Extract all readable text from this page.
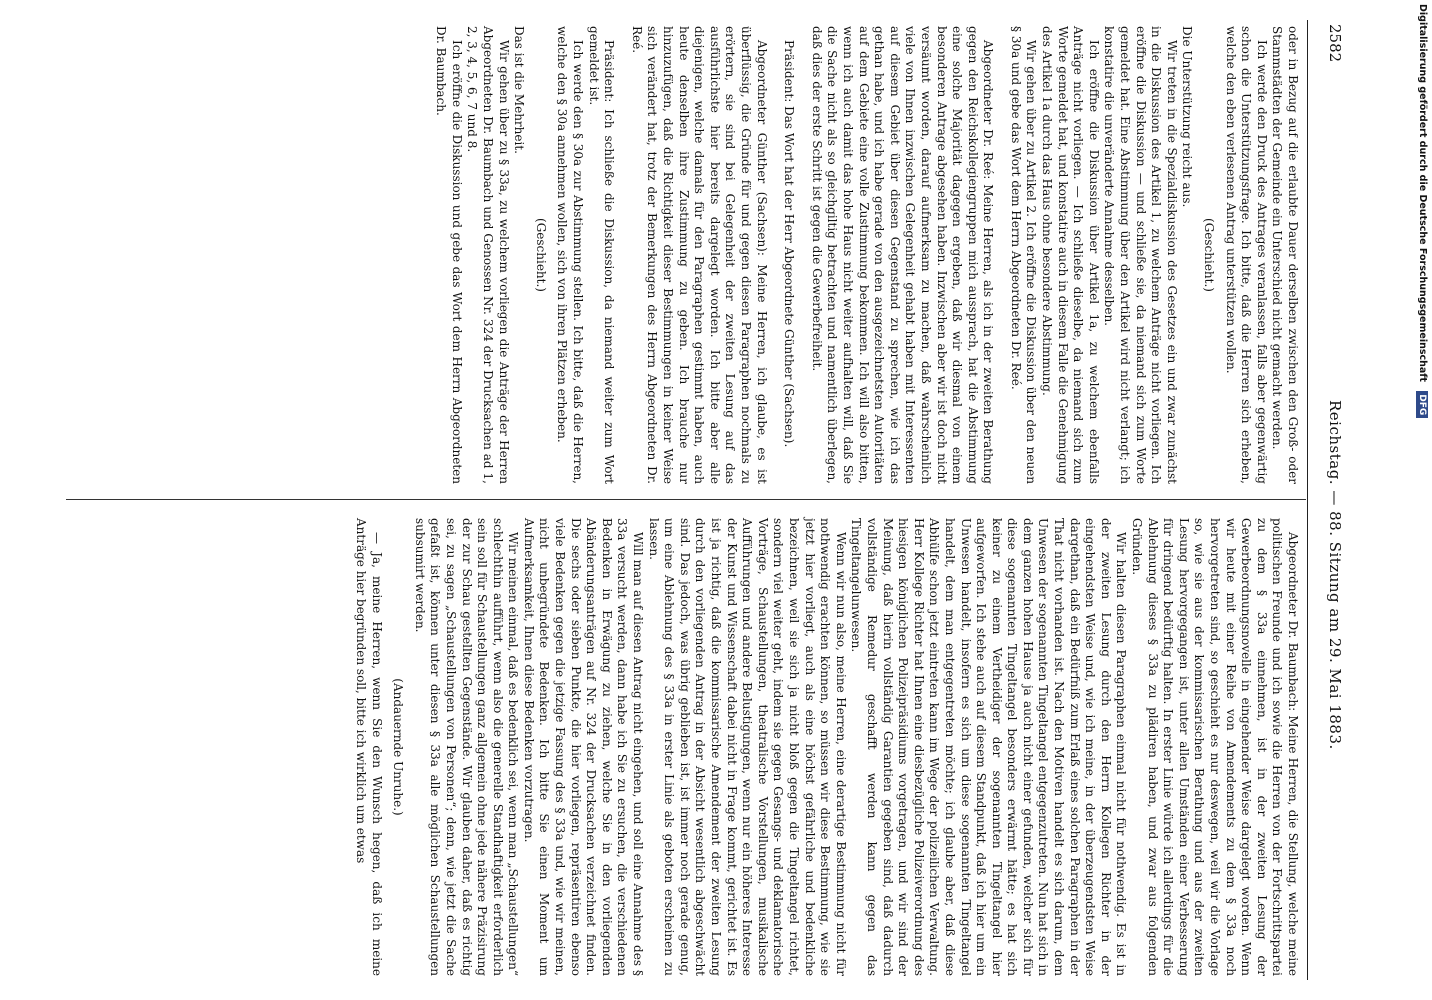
2582
Reichstag. — 88. Sitzung am 29. Mai 1883.

oder in Bezug auf die erlaubte Dauer derselben zwischen den Groß- oder Stammstädten der Gemeinde ein Unterschied nicht gemacht werden.

Ich werde den Druck des Antrages veranlassen, falls aber gegenwärtig schon die Unterstützungsfrage. Ich bitte, daß die Herren sich erheben, welche den eben verlesenen Antrag unterstützen wollen.

(Geschieht.)

Die Unterstützung reicht aus.

Wir treten in die Spezialdiskussion des Gesetzes ein und zwar zunächst in die Diskussion des Artikel 1, zu welchem Anträge nicht vorliegen. Ich eröffne die Diskussion — und schließe sie, da niemand sich zum Worte gemeldet hat. Eine Abstimmung über den Artikel wird nicht verlangt; ich konstatire die unveränderte Annahme desselben.

Ich eröffne die Diskussion über Artikel 1a, zu welchem ebenfalls Anträge nicht vorliegen. — Ich schließe dieselbe, da niemand sich zum Worte gemeldet hat, und konstatire auch in diesem Falle die Genehmigung des Artikel 1a durch das Haus ohne besondere Abstimmung.

Wir gehen über zu Artikel 2. Ich eröffne die Diskussion über den neuen § 30a und gebe das Wort dem Herrn Abgeordneten Dr. Reé.

Abgeordneter Dr. Reé: Meine Herren, als ich in der zweiten Berathung gegen den Reichskollegiengruppen mich aussprach, hat die Abstimmung eine solche Majorität dagegen ergeben, daß wir diesmal von einem besonderen Antrage abgesehen haben. Inzwischen aber wir ist doch nicht versäumt worden, darauf aufmerksam zu machen, daß wahrscheinlich viele von Ihnen inzwischen Gelegenheit gehabt haben mit Interessenten auf diesem Gebiet über diesen Gegenstand zu sprechen, wie ich das gethan habe, und ich habe gerade von den ausgezeichnetsten Autoritäten auf dem Gebiete eine volle Zustimmung bekommen. Ich will also bitten, wenn ich auch damit das hohe Haus nicht weiter aufhalten will, daß Sie die Sache nicht als so gleichgiltig betrachten und namentlich überlegen, daß dies der erste Schritt ist gegen die Gewerbefreiheit.

Präsident: Das Wort hat der Herr Abgeordnete Günther (Sachsen).

Abgeordneter Günther (Sachsen): Meine Herren, ich glaube, es ist überflüssig, die Gründe für und gegen diesen Paragraphen nochmals zu erörtern, sie sind bei Gelegenheit der zweiten Lesung auf das ausführlichste hier bereits dargelegt worden. Ich bitte aber alle diejenigen, welche damals für den Paragraphen gestimmt haben, auch heute denselben ihre Zustimmung zu geben. Ich brauche nur hinzuzufügen, daß die Richtigkeit dieser Bestimmungen in keiner Weise sich verändert hat, trotz der Bemerkungen des Herrn Abgeordneten Dr. Reé.

Präsident: Ich schließe die Diskussion, da niemand weiter zum Wort gemeldet ist.

Ich werde den § 30a zur Abstimmung stellen. Ich bitte, daß die Herren, welche den § 30a annehmen wollen, sich von ihren Plätzen erheben.

(Geschieht.)

Das ist die Mehrheit.

Wir gehen über zu § 33a, zu welchem vorliegen die Anträge der Herren Abgeordneten Dr. Baumbach und Genossen Nr. 324 der Drucksachen ad 1, 2, 3, 4, 5, 6, 7 und 8.

Ich eröffne die Diskussion und gebe das Wort dem Herrn Abgeordneten Dr. Baumbach.

Abgeordneter Dr. Baumbach: Meine Herren, die Stellung, welche meine politischen Freunde und ich sowie die Herren von der Fortschrittspartei zu dem § 33a einnehmen, ist in der zweiten Lesung der Gewerbeordnungsnovelle in eingehender Weise dargelegt worden. Wenn wir heute mit einer Reihe von Amendements zu dem § 33a noch hervorgetreten sind, so geschieht es nur deswegen, weil wir die Vorlage so, wie sie aus der kommissarischen Berathung und aus der zweiten Lesung hervorgegangen ist, unter allen Umständen einer Verbesserung für dringend bedürftig halten. In erster Linie würde ich allerdings für die Ablehnung dieses § 33a zu plädiren haben, und zwar aus folgenden Gründen.

Wir halten diesen Paragraphen einmal nicht für nothwendig. Es ist in der zweiten Lesung durch den Herrn Kollegen Richter in der eingehendsten Weise und, wie ich meine, in der überzeugendsten Weise dargethan, daß ein Bedürfniß zum Erlaß eines solchen Paragraphen in der That nicht vorhanden ist. Nach den Motiven handelt es sich darum, dem Unwesen der sogenannten Tingeltangel entgegenzutreten. Nun hat sich in dem ganzen hohen Hause ja auch nicht einer gefunden, welcher sich für diese sogenannten Tingeltangel besonders erwärmt hätte; es hat sich keiner zu einem Vertheidiger der sogenannten Tingeltangel hier aufgeworfen. Ich stehe auch auf diesem Standpunkt, daß ich hier um ein Unwesen handelt, insofern es sich um diese sogenannten Tingeltangel handelt, dem man entgegentreten möchte; ich glaube aber, daß diese Abhülfe schon jetzt eintreten kann im Wege der polizeilichen Verwaltung. Herr Kollege Richter hat Ihnen eine diesbezügliche Polizeiverordnung des hiesigen königlichen Polizeipräsidiums vorgetragen, und wir sind der Meinung, daß hierin vollständig Garantien gegeben sind, daß dadurch vollständige Remedur geschafft werden kann gegen das Tingeltangelunwesen.

Wenn wir nun also, meine Herren, eine derartige Bestimmung nicht für nothwendig erachten können, so müssen wir diese Bestimmung, wie sie jetzt hier vorliegt, auch als eine höchst gefährliche und bedenkliche bezeichnen, weil sie sich ja nicht bloß gegen die Tingeltangel richtet, sondern viel weiter geht, indem sie gegen Gesangs- und deklamatorische Vorträge, Schaustellungen, theatralische Vorstellungen, musikalische Aufführungen und andere Belustigungen, wenn nur ein höheres Interesse der Kunst und Wissenschaft dabei nicht in Frage kommt, gerichtet ist. Es ist ja richtig, daß die kommissarische Amendement der zweiten Lesung durch den vorliegenden Antrag in der Absicht wesentlich abgeschwächt sind. Das jedoch, was übrig geblieben ist, ist immer noch gerade genug, um eine Ablehnung des § 33a in erster Linie als geboten erscheinen zu lassen.

Will man auf diesen Antrag nicht eingehen, und soll eine Annahme des § 33a versucht werden, dann habe ich Sie zu ersuchen, die verschiedenen Bedenken in Erwägung zu ziehen, welche Sie in den vorliegenden Abänderungsanträgen auf Nr. 324 der Drucksachen verzeichnet finden. Die sechs oder sieben Punkte, die hier vorliegen, repräsentiren ebenso viele Bedenken gegen die jetzige Fassung des § 33a und, wie wir meinen, nicht unbegründete Bedenken. Ich bitte Sie einen Moment um Aufmerksamkeit, Ihnen diese Bedenken vorzutragen.

Wir meinen einmal, daß es bedenklich sei, wenn man „Schaustellungen“ schlechthin aufführt, wenn also die generelle Standhaftigkeit erforderlich sein soll für Schaustellungen ganz allgemein ohne jede nähere Präzisirung der zur Schau gestellten Gegenstände. Wir glauben daher, daß es richtig sei, zu sagen „Schaustellungen von Personen“; denn, wie jetzt die Sache gefaßt ist, können unter diesen § 33a alle möglichen Schaustellungen subsumirt werden.

(Andauernde Unruhe.)

— Ja, meine Herren, wenn Sie den Wunsch hegen, daß ich meine Anträge hier begründen soll, bitte ich wirklich um etwas

Digitalisierung gefördert durch die Deutsche Forschungsgemeinschaft DFG
